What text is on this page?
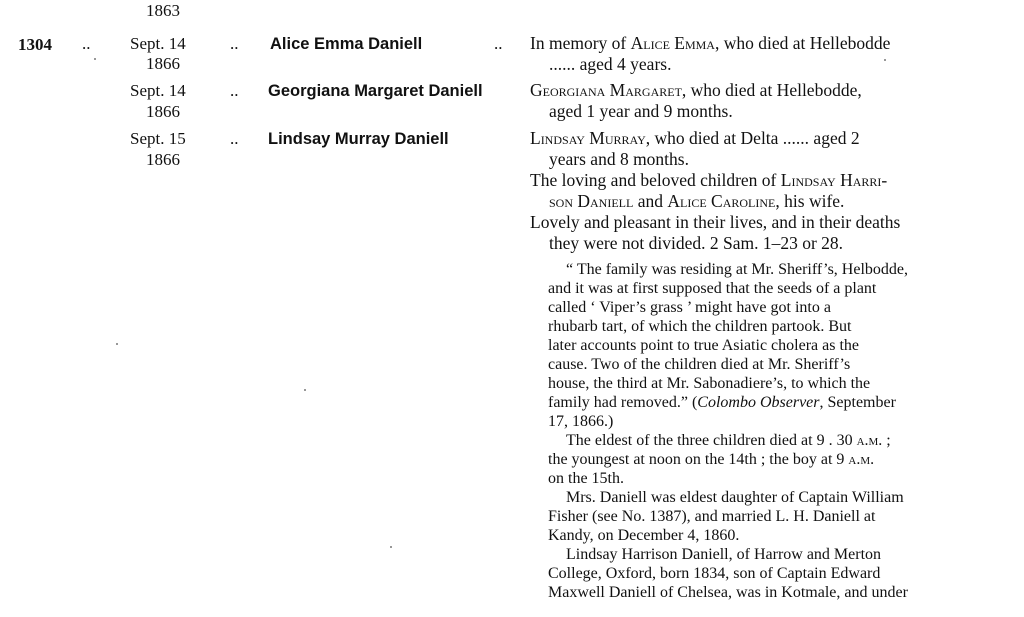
1863
1304 .. Sept. 14
1866
.. Alice Emma Daniell	..
Sept. 14
1866
.. Georgiana Margaret Daniell
Sept. 15
1866
.. Lindsay Murray Daniell
In memory of Alice Emma, who died at Hellebodde
...... aged 4 years.
Georgiana Margaret, who died at Hellebodde,
aged 1 year and 9 months.
Lindsay Murray, who died at Delta ...... aged 2
years and 8 months.
The loving and beloved children of Lindsay Harri-
son Daniell and Alice Caroline, his wife.
Lovely and pleasant in their lives, and in their deaths
they were not divided. 2 Sam. 1–23 or 28.
“ The family was residing at Mr. Sheriff’s, Helbodde,
and it was at first supposed that the seeds of a plant
called ‘ Viper’s grass ’ might have got into a
rhubarb tart, of which the children partook. But
later accounts point to true Asiatic cholera as the
cause. Two of the children died at Mr. Sheriff’s
house, the third at Mr. Sabonadiere’s, to which the
family had removed.” (Colombo Observer, September
17, 1866.)
The eldest of the three children died at 9 . 30 a.m. ;
the youngest at noon on the 14th ; the boy at 9 a.m.
on the 15th.
Mrs. Daniell was eldest daughter of Captain William
Fisher (see No. 1387), and married L. H. Daniell at
Kandy, on December 4, 1860.
Lindsay Harrison Daniell, of Harrow and Merton
College, Oxford, born 1834, son of Captain Edward
Maxwell Daniell of Chelsea, was in Kotmale, and under
